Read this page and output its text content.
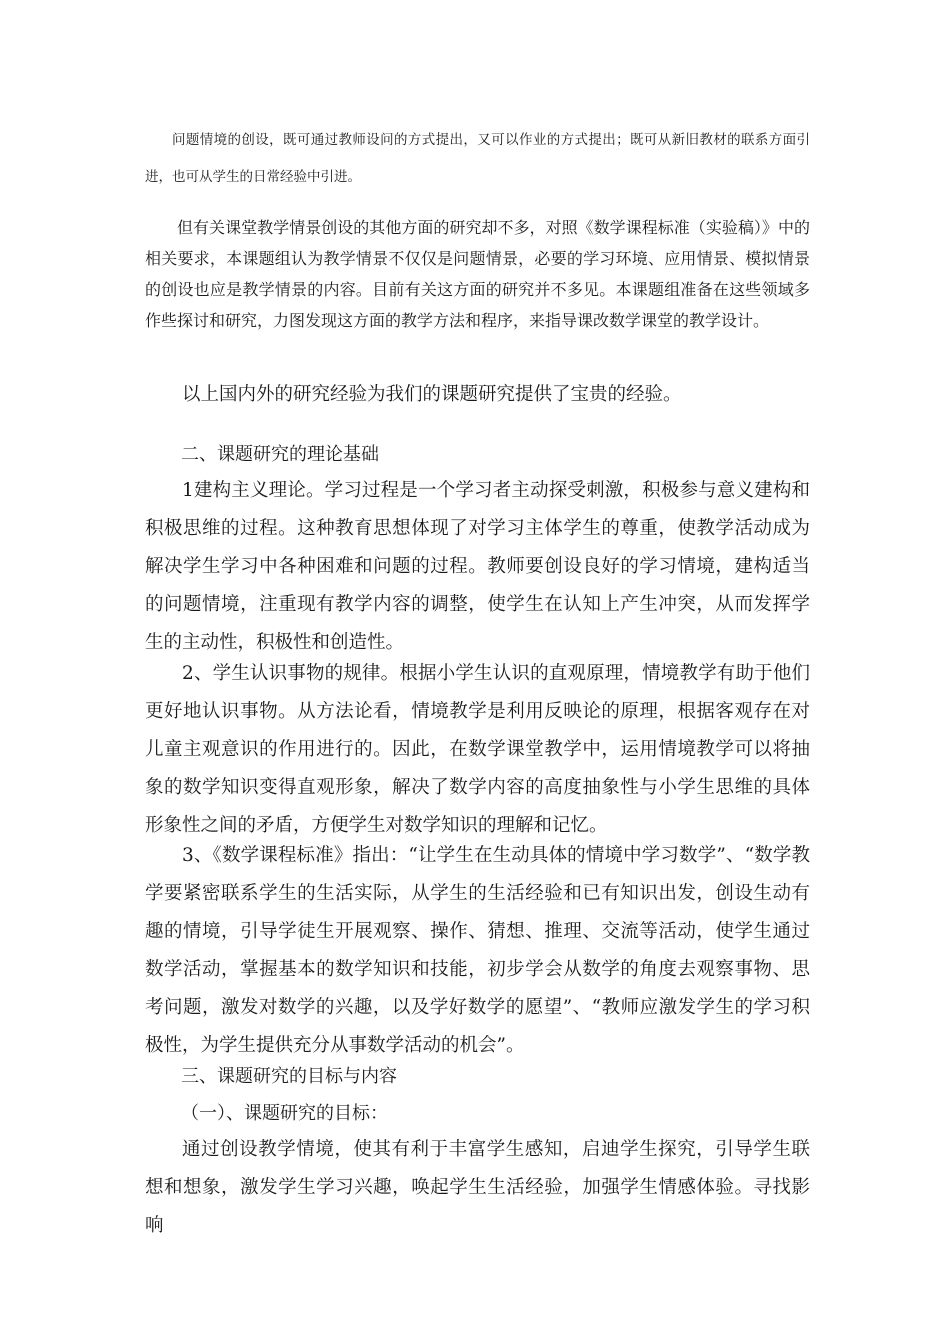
问题情境的创设，既可通过教师设问的方式提出，又可以作业的方式提出；既可从新旧教材的联系方面引进，也可从学生的日常经验中引进。

但有关课堂教学情景创设的其他方面的研究却不多，对照《数学课程标准（实验稿）》中的相关要求，本课题组认为教学情景不仅仅是问题情景，必要的学习环境、应用情景、模拟情景的创设也应是教学情景的内容。目前有关这方面的研究并不多见。本课题组准备在这些领域多作些探讨和研究，力图发现这方面的教学方法和程序，来指导课改数学课堂的教学设计。

以上国内外的研究经验为我们的课题研究提供了宝贵的经验。

二、课题研究的理论基础

1建构主义理论。学习过程是一个学习者主动探受刺激，积极参与意义建构和积极思维的过程。这种教育思想体现了对学习主体学生的尊重，使教学活动成为解决学生学习中各种困难和问题的过程。教师要创设良好的学习情境，建构适当的问题情境，注重现有教学内容的调整，使学生在认知上产生冲突，从而发挥学生的主动性，积极性和创造性。

2、学生认识事物的规律。根据小学生认识的直观原理，情境教学有助于他们更好地认识事物。从方法论看，情境教学是利用反映论的原理，根据客观存在对儿童主观意识的作用进行的。因此，在数学课堂教学中，运用情境教学可以将抽象的数学知识变得直观形象，解决了数学内容的高度抽象性与小学生思维的具体形象性之间的矛盾，方便学生对数学知识的理解和记忆。

3、《数学课程标准》指出：“让学生在生动具体的情境中学习数学”、“数学教学要紧密联系学生的生活实际，从学生的生活经验和已有知识出发，创设生动有趣的情境，引导学徒生开展观察、操作、猜想、推理、交流等活动，使学生通过数学活动，掌握基本的数学知识和技能，初步学会从数学的角度去观察事物、思考问题，激发对数学的兴趣，以及学好数学的愿望”、“教师应激发学生的学习积极性，为学生提供充分从事数学活动的机会”。

三、课题研究的目标与内容

（一）、课题研究的目标：

通过创设教学情境，使其有利于丰富学生感知，启迪学生探究，引导学生联想和想象，激发学生学习兴趣，唤起学生生活经验，加强学生情感体验。寻找影响
